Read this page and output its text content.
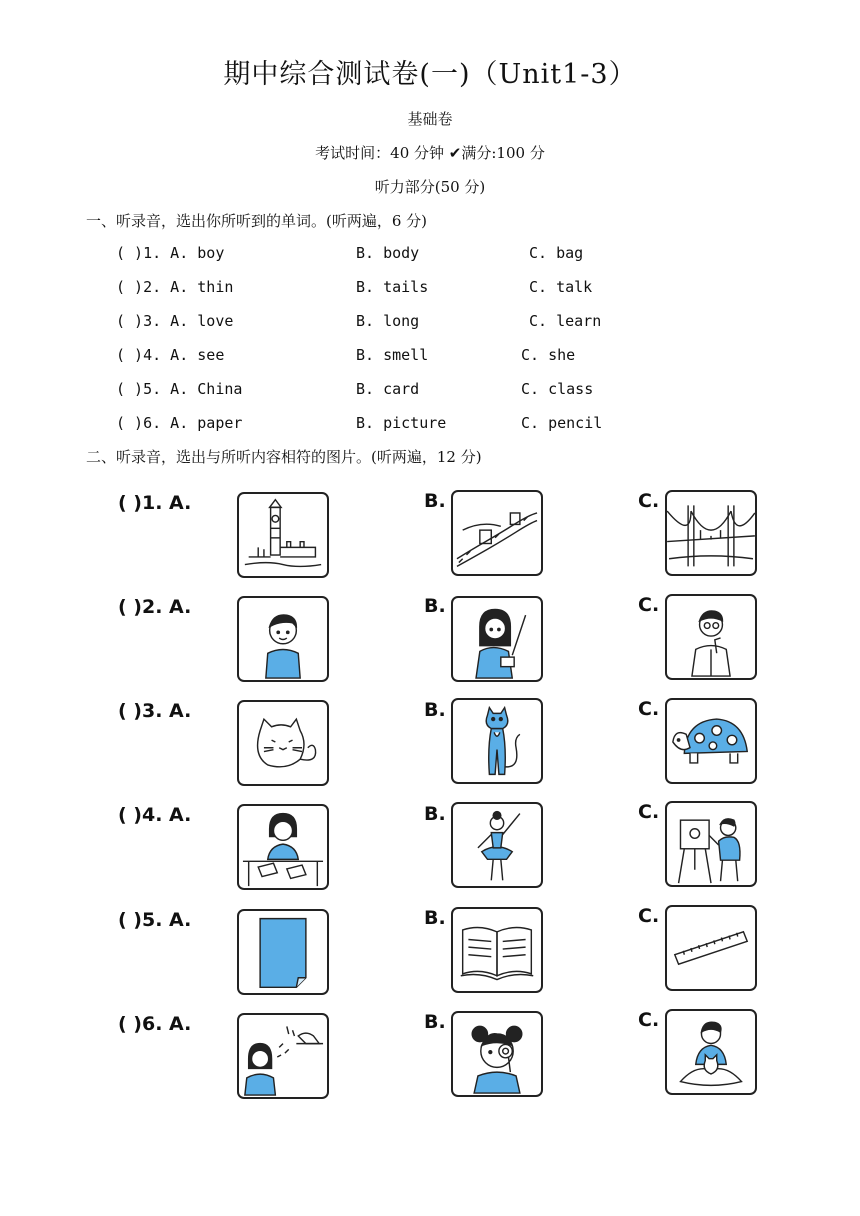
期中综合测试卷(一)（Unit1-3）
基础卷
考试时间：40 分钟 ✔满分:100 分
听力部分(50 分)
一、听录音，选出你所听到的单词。(听两遍，6 分)
( )1. A. boy	B. body	C. bag
( )2. A. thin	B. tails	C. talk
( )3. A. love	B. long	C. learn
( )4. A. see	B. smell	C. she
( )5. A. China	B. card	C. class
( )6. A. paper	B. picture	C. pencil
二、听录音，选出与所听内容相符的图片。(听两遍，12 分)
( )1. A.	B.	C.
( )2. A.	B.	C.
( )3. A.	B.	C.
( )4. A.	B.	C.
( )5. A.	B.	C.
( )6. A.	B.	C.
